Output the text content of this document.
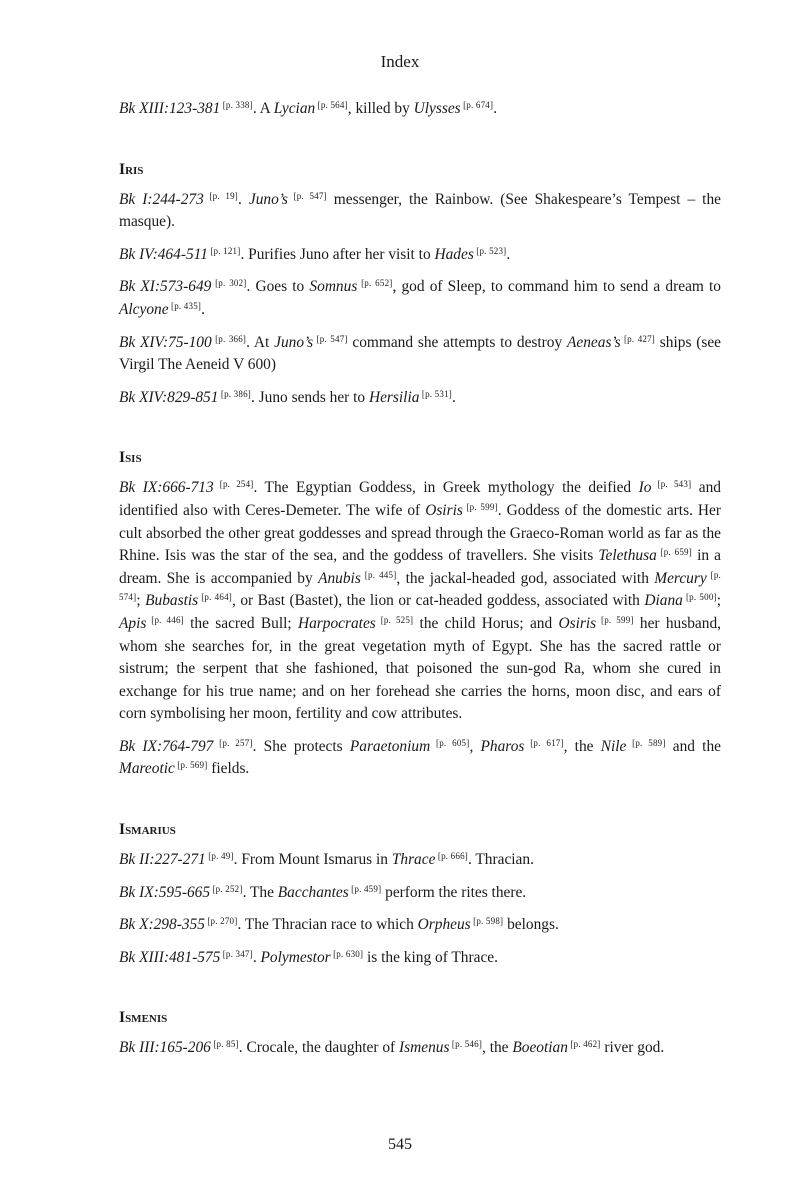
Index

Bk XIII:123-381 [p. 338]. A Lycian [p. 564], killed by Ulysses [p. 674].

Iris

Bk I:244-273 [p. 19]. Juno’s [p. 547] messenger, the Rainbow. (See Shakespeare’s Tempest – the masque).

Bk IV:464-511 [p. 121]. Purifies Juno after her visit to Hades [p. 523].

Bk XI:573-649 [p. 302]. Goes to Somnus [p. 652], god of Sleep, to command him to send a dream to Alcyone [p. 435].

Bk XIV:75-100 [p. 366]. At Juno’s [p. 547] command she attempts to destroy Aeneas’s [p. 427] ships (see Virgil The Aeneid V 600)

Bk XIV:829-851 [p. 386]. Juno sends her to Hersilia [p. 531].

Isis

Bk IX:666-713 [p. 254]. The Egyptian Goddess, in Greek mythology the deified Io [p. 543] and identified also with Ceres-Demeter. The wife of Osiris [p. 599]. Goddess of the domestic arts. Her cult absorbed the other great goddesses and spread through the Graeco-Roman world as far as the Rhine. Isis was the star of the sea, and the goddess of travellers. She visits Telethusa [p. 659] in a dream. She is accompanied by Anubis [p. 445], the jackal-headed god, associated with Mercury [p. 574]; Bubastis [p. 464], or Bast (Bastet), the lion or cat-headed goddess, associated with Diana [p. 500]; Apis [p. 446] the sacred Bull; Harpocrates [p. 525] the child Horus; and Osiris [p. 599] her husband, whom she searches for, in the great vegetation myth of Egypt. She has the sacred rattle or sistrum; the serpent that she fashioned, that poisoned the sun-god Ra, whom she cured in exchange for his true name; and on her forehead she carries the horns, moon disc, and ears of corn symbolising her moon, fertility and cow attributes.

Bk IX:764-797 [p. 257]. She protects Paraetonium [p. 605], Pharos [p. 617], the Nile [p. 589] and the Mareotic [p. 569] fields.

Ismarius

Bk II:227-271 [p. 49]. From Mount Ismarus in Thrace [p. 666]. Thracian.

Bk IX:595-665 [p. 252]. The Bacchantes [p. 459] perform the rites there.

Bk X:298-355 [p. 270]. The Thracian race to which Orpheus [p. 598] belongs.

Bk XIII:481-575 [p. 347]. Polymestor [p. 630] is the king of Thrace.

Ismenis

Bk III:165-206 [p. 85]. Crocale, the daughter of Ismenus [p. 546], the Boeotian [p. 462] river god.

545
